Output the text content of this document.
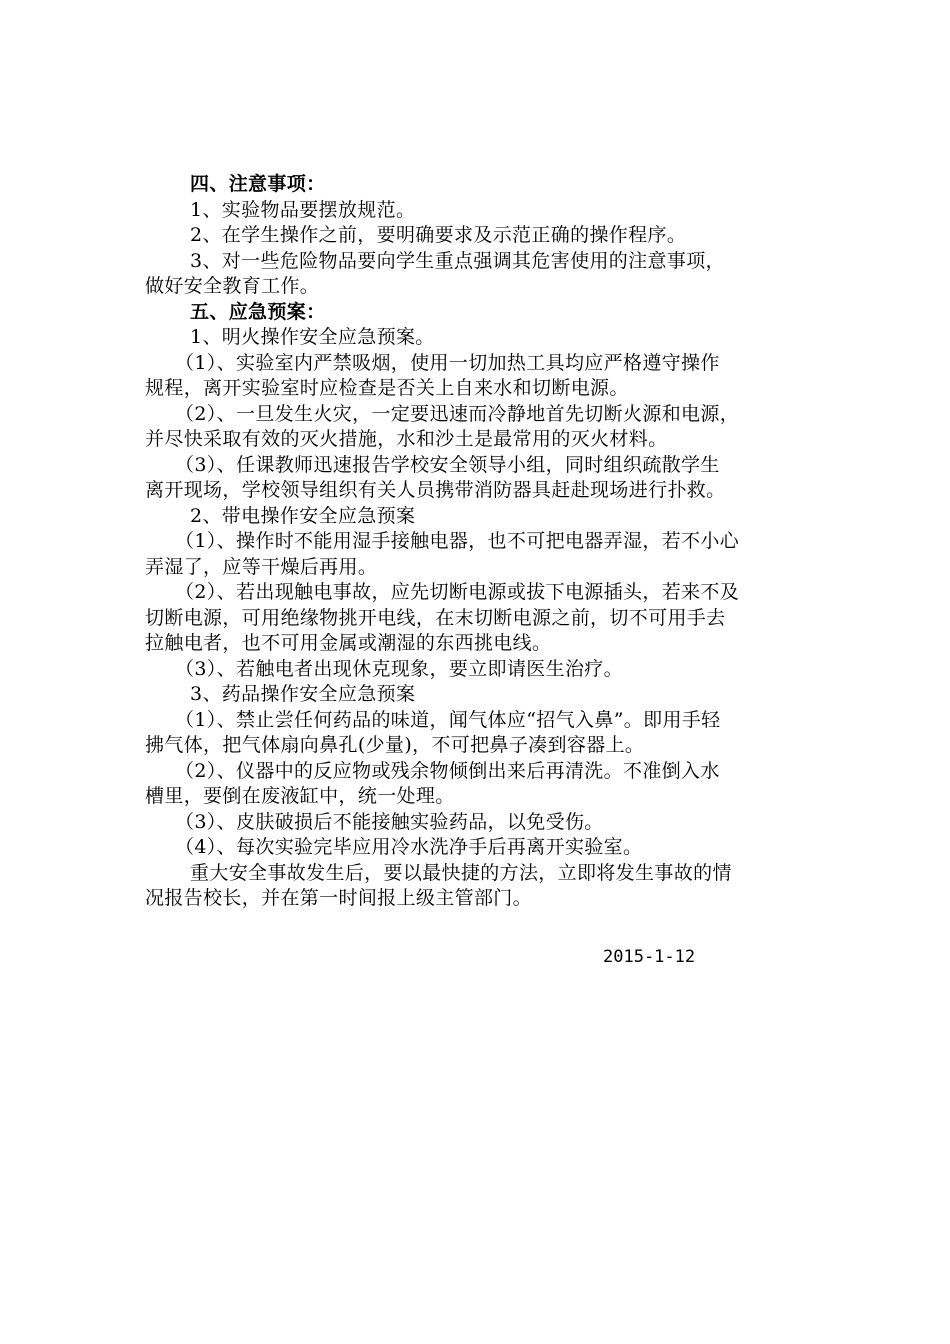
四、注意事项：
1、实验物品要摆放规范。
2、在学生操作之前，要明确要求及示范正确的操作程序。
3、对一些危险物品要向学生重点强调其危害使用的注意事项，
做好安全教育工作。
五、应急预案：
1、明火操作安全应急预案。
（1）、实验室内严禁吸烟，使用一切加热工具均应严格遵守操作
规程，离开实验室时应检查是否关上自来水和切断电源。
（2）、一旦发生火灾，一定要迅速而冷静地首先切断火源和电源，
并尽快采取有效的灭火措施，水和沙土是最常用的灭火材料。
（3）、任课教师迅速报告学校安全领导小组，同时组织疏散学生
离开现场，学校领导组织有关人员携带消防器具赶赴现场进行扑救。
2、带电操作安全应急预案
（1）、操作时不能用湿手接触电器，也不可把电器弄湿，若不小心
弄湿了，应等干燥后再用。
（2）、若出现触电事故，应先切断电源或拔下电源插头，若来不及
切断电源，可用绝缘物挑开电线，在末切断电源之前，切不可用手去
拉触电者，也不可用金属或潮湿的东西挑电线。
（3）、若触电者出现休克现象，要立即请医生治疗。
3、药品操作安全应急预案
（1）、禁止尝任何药品的味道，闻气体应“招气入鼻”。即用手轻
拂气体，把气体扇向鼻孔(少量)，不可把鼻子凑到容器上。
（2）、仪器中的反应物或残余物倾倒出来后再清洗。不准倒入水
槽里，要倒在废液缸中，统一处理。
（3）、皮肤破损后不能接触实验药品，以免受伤。
（4）、每次实验完毕应用冷水洗净手后再离开实验室。
重大安全事故发生后，要以最快捷的方法，立即将发生事故的情
况报告校长，并在第一时间报上级主管部门。
2015-1-12
